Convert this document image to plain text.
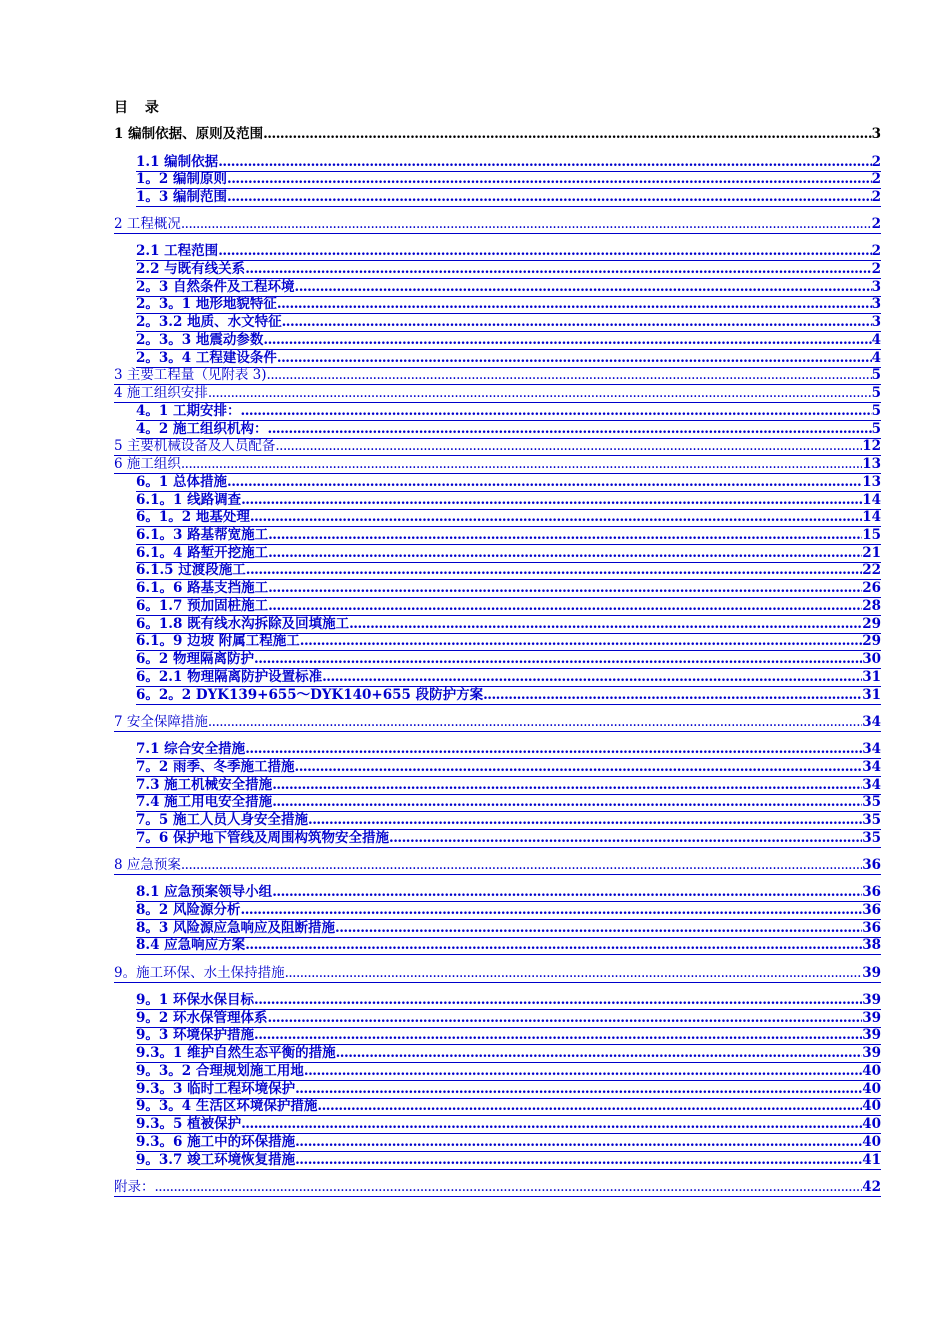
目 录
1 编制依据、原则及范围 .....	3
1.1 编制依据 .....	2
1。2 编制原则 .....	2
1。3 编制范围 .....	2
2 工程概况 .....	2
2.1 工程范围 .....	2
2.2 与既有线关系 .....	2
2。3 自然条件及工程环境 .....	3
2。3。1 地形地貌特征 .....	3
2。3.2 地质、水文特征 .....	3
2。3。3 地震动参数 .....	4
2。3。4 工程建设条件 .....	4
3 主要工程量（见附表 3) .....	5
4 施工组织安排 .....	5
4。1 工期安排： .....	5
4。2 施工组织机构： .....	5
5 主要机械设备及人员配备 .....	12
6 施工组织 .....	13
6。1 总体措施 .....	13
6.1。1 线路调查 .....	14
6。1。2 地基处理 .....	14
6.1。3 路基帮宽施工 .....	15
6.1。4 路堑开挖施工 .....	21
6.1.5 过渡段施工 .....	22
6.1。6 路基支挡施工 .....	26
6。1.7 预加固桩施工 .....	28
6。1.8 既有线水沟拆除及回填施工 .....	29
6.1。9 边坡 附属工程施工 .....	29
6。2 物理隔离防护 .....	30
6。2.1 物理隔离防护设置标准 .....	31
6。2。2 DYK139+655～DYK140+655 段防护方案 .....	31
7 安全保障措施 .....	34
7.1 综合安全措施 .....	34
7。2 雨季、冬季施工措施 .....	34
7.3 施工机械安全措施 .....	34
7.4 施工用电安全措施 .....	35
7。5 施工人员人身安全措施 .....	35
7。6 保护地下管线及周围构筑物安全措施 .....	35
8 应急预案 .....	36
8.1 应急预案领导小组 .....	36
8。2 风险源分析 .....	36
8。3 风险源应急响应及阻断措施 .....	36
8.4 应急响应方案 .....	38
9。施工环保、水土保持措施 .....	39
9。1 环保水保目标 .....	39
9。2 环水保管理体系 .....	39
9。3 环境保护措施 .....	39
9.3。1 维护自然生态平衡的措施 .....	39
9。3。2 合理规划施工用地 .....	40
9.3。3 临时工程环境保护 .....	40
9。3。4 生活区环境保护措施 .....	40
9.3。5 植被保护 .....	40
9.3。6 施工中的环保措施 .....	40
9。3.7 竣工环境恢复措施 .....	41
附录： .....	42
